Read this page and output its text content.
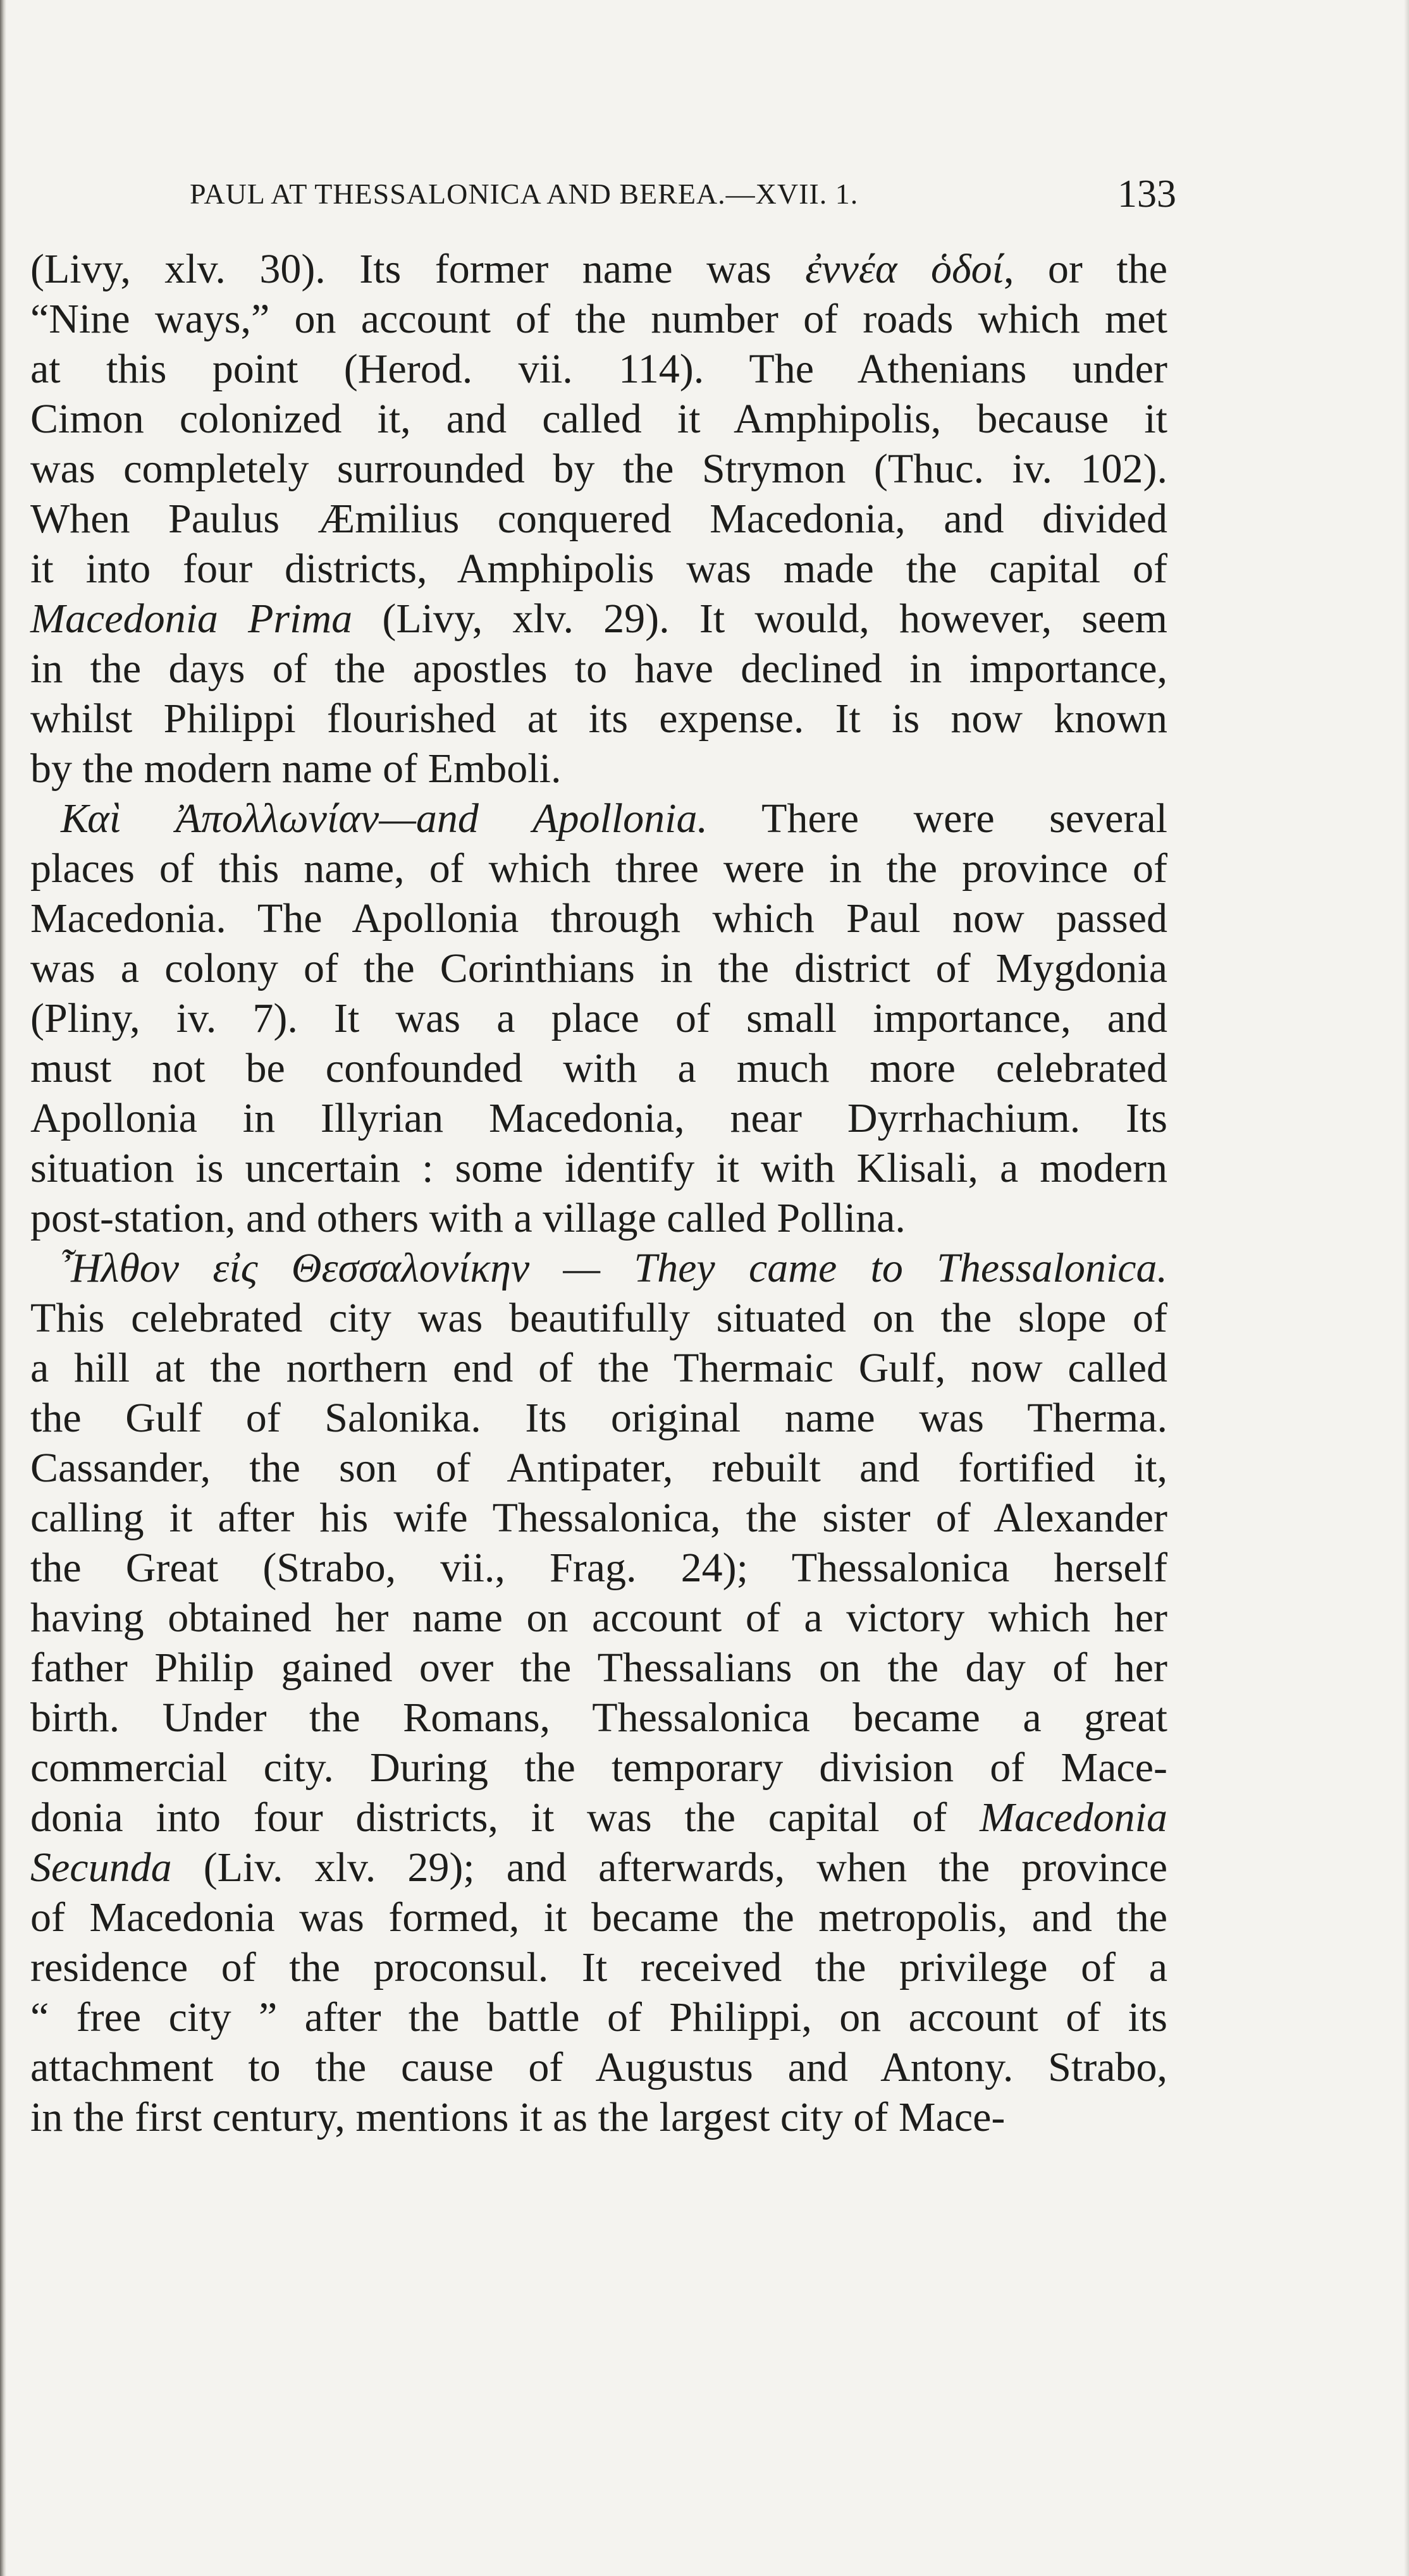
PAUL AT THESSALONICA AND BEREA.—XVII. 1.	133
(Livy, xlv. 30). Its former name was ἐννέα ὁδοί, or the
“Nine ways,” on account of the number of roads which met
at this point (Herod. vii. 114). The Athenians under
Cimon colonized it, and called it Amphipolis, because it
was completely surrounded by the Strymon (Thuc. iv. 102).
When Paulus Æmilius conquered Macedonia, and divided
it into four districts, Amphipolis was made the capital of
Macedonia Prima (Livy, xlv. 29). It would, however, seem
in the days of the apostles to have declined in importance,
whilst Philippi flourished at its expense. It is now known
by the modern name of Emboli.
Καὶ Ἀπολλωνίαν—and Apollonia. There were several
places of this name, of which three were in the province of
Macedonia. The Apollonia through which Paul now passed
was a colony of the Corinthians in the district of Mygdonia
(Pliny, iv. 7). It was a place of small importance, and
must not be confounded with a much more celebrated
Apollonia in Illyrian Macedonia, near Dyrrhachium. Its
situation is uncertain : some identify it with Klisali, a modern
post-station, and others with a village called Pollina.
Ἦλθον εἰς Θεσσαλονίκην — They came to Thessalonica.
This celebrated city was beautifully situated on the slope of
a hill at the northern end of the Thermaic Gulf, now called
the Gulf of Salonika. Its original name was Therma.
Cassander, the son of Antipater, rebuilt and fortified it,
calling it after his wife Thessalonica, the sister of Alexander
the Great (Strabo, vii., Frag. 24); Thessalonica herself
having obtained her name on account of a victory which her
father Philip gained over the Thessalians on the day of her
birth. Under the Romans, Thessalonica became a great
commercial city. During the temporary division of Mace-
donia into four districts, it was the capital of Macedonia
Secunda (Liv. xlv. 29); and afterwards, when the province
of Macedonia was formed, it became the metropolis, and the
residence of the proconsul. It received the privilege of a
“ free city ” after the battle of Philippi, on account of its
attachment to the cause of Augustus and Antony. Strabo,
in the first century, mentions it as the largest city of Mace-
